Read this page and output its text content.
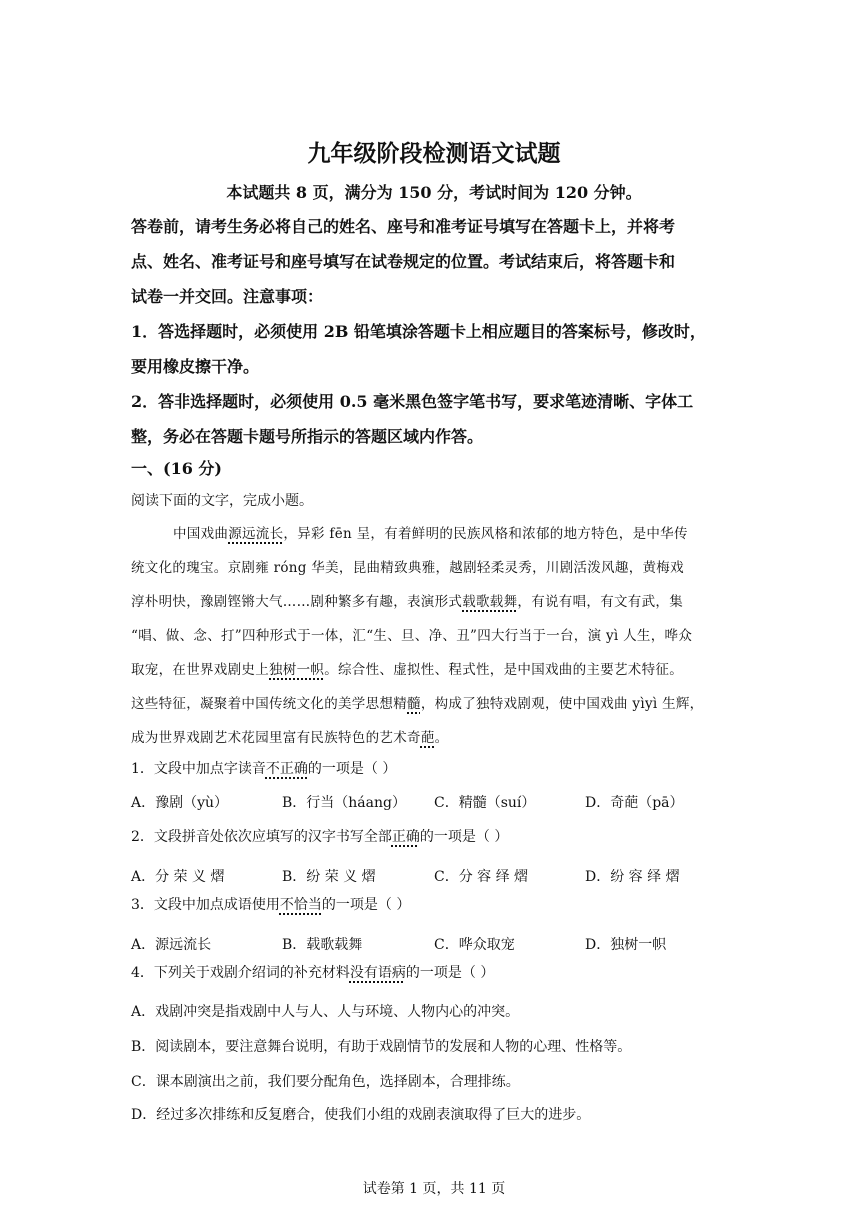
九年级阶段检测语文试题
本试题共 8 页，满分为 150 分，考试时间为 120 分钟。
答卷前，请考生务必将自己的姓名、座号和准考证号填写在答题卡上，并将考
点、姓名、准考证号和座号填写在试卷规定的位置。考试结束后，将答题卡和
试卷一并交回。注意事项：
1．答选择题时，必须使用 2B 铅笔填涂答题卡上相应题目的答案标号，修改时，
要用橡皮擦干净。
2．答非选择题时，必须使用 0.5 毫米黑色签字笔书写，要求笔迹清晰、字体工
整，务必在答题卡题号所指示的答题区域内作答。
一、(16 分)
阅读下面的文字，完成小题。
中国戏曲源远流长，异彩 fēn 呈，有着鲜明的民族风格和浓郁的地方特色，是中华传
统文化的瑰宝。京剧雍 róng 华美，昆曲精致典雅，越剧轻柔灵秀，川剧活泼风趣，黄梅戏
淳朴明快，豫剧铿锵大气……剧种繁多有趣，表演形式载歌载舞，有说有唱，有文有武，集
“唱、做、念、打”四种形式于一体，汇“生、旦、净、丑”四大行当于一台，演 yì 人生，哗众
取宠，在世界戏剧史上独树一帜。综合性、虚拟性、程式性，是中国戏曲的主要艺术特征。
这些特征，凝聚着中国传统文化的美学思想精髓，构成了独特戏剧观，使中国戏曲 yìyì 生辉，
成为世界戏剧艺术花园里富有民族特色的艺术奇葩。
1．文段中加点字读音不正确的一项是（ ）
A．豫剧（yù）	B．行当（háang） C．精髓（suí）	D．奇葩（pā）
2．文段拼音处依次应填写的汉字书写全部正确的一项是（ ）
A．分 荣 义 熠	B．纷 荣 义 熠	C．分 容 绎 熠	D．纷 容 绎 熠
3．文段中加点成语使用不恰当的一项是（ ）
A．源远流长	B．载歌载舞	C．哗众取宠	D．独树一帜
4．下列关于戏剧介绍词的补充材料没有语病的一项是（ ）
A．戏剧冲突是指戏剧中人与人、人与环境、人物内心的冲突。
B．阅读剧本，要注意舞台说明，有助于戏剧情节的发展和人物的心理、性格等。
C．课本剧演出之前，我们要分配角色，选择剧本，合理排练。
D．经过多次排练和反复磨合，使我们小组的戏剧表演取得了巨大的进步。
试卷第 1 页，共 11 页
